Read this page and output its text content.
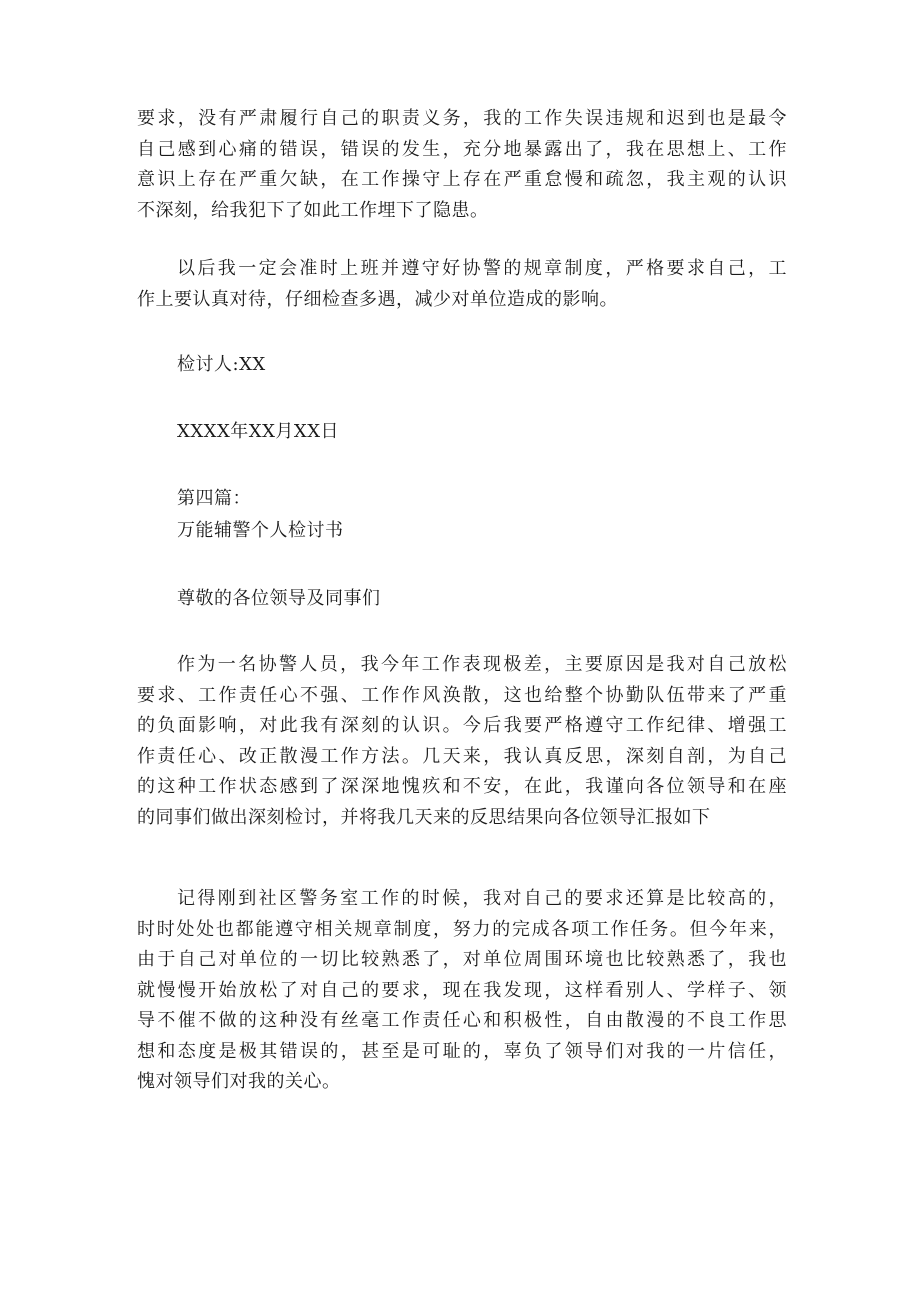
要求，没有严肃履行自己的职责义务，我的工作失误违规和迟到也是最令
自己感到心痛的错误，错误的发生，充分地暴露出了，我在思想上、工作
意识上存在严重欠缺，在工作操守上存在严重怠慢和疏忽，我主观的认识
不深刻，给我犯下了如此工作埋下了隐患。
以后我一定会准时上班并遵守好协警的规章制度，严格要求自己，工
作上要认真对待，仔细检查多遇，减少对单位造成的影响。
检讨人:XX
XXXX年XX月XX日
第四篇：
万能辅警个人检讨书
尊敬的各位领导及同事们
作为一名协警人员，我今年工作表现极差，主要原因是我对自己放松
要求、工作责任心不强、工作作风涣散，这也给整个协勤队伍带来了严重
的负面影响，对此我有深刻的认识。今后我要严格遵守工作纪律、增强工
作责任心、改正散漫工作方法。几天来，我认真反思，深刻自剖，为自己
的这种工作状态感到了深深地愧疚和不安，在此，我谨向各位领导和在座
的同事们做出深刻检讨，并将我几天来的反思结果向各位领导汇报如下
记得刚到社区警务室工作的时候，我对自己的要求还算是比较高的，
时时处处也都能遵守相关规章制度，努力的完成各项工作任务。但今年来，
由于自己对单位的一切比较熟悉了，对单位周围环境也比较熟悉了，我也
就慢慢开始放松了对自己的要求，现在我发现，这样看别人、学样子、领
导不催不做的这种没有丝毫工作责任心和积极性，自由散漫的不良工作思
想和态度是极其错误的，甚至是可耻的，辜负了领导们对我的一片信任，
愧对领导们对我的关心。
